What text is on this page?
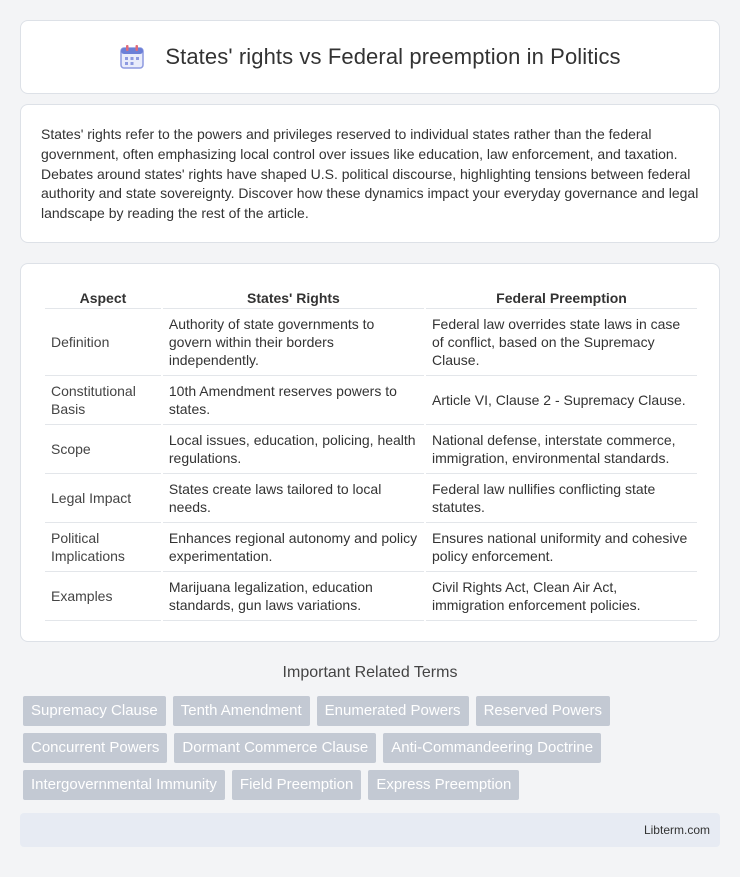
States' rights vs Federal preemption in Politics

States' rights refer to the powers and privileges reserved to individual states rather than the federal government, often emphasizing local control over issues like education, law enforcement, and taxation. Debates around states' rights have shaped U.S. political discourse, highlighting tensions between federal authority and state sovereignty. Discover how these dynamics impact your everyday governance and legal landscape by reading the rest of the article.

Aspect	States' Rights	Federal Preemption
Definition	Authority of state governments to govern within their borders independently.	Federal law overrides state laws in case of conflict, based on the Supremacy Clause.
Constitutional Basis	10th Amendment reserves powers to states.	Article VI, Clause 2 - Supremacy Clause.
Scope	Local issues, education, policing, health regulations.	National defense, interstate commerce, immigration, environmental standards.
Legal Impact	States create laws tailored to local needs.	Federal law nullifies conflicting state statutes.
Political Implications	Enhances regional autonomy and policy experimentation.	Ensures national uniformity and cohesive policy enforcement.
Examples	Marijuana legalization, education standards, gun laws variations.	Civil Rights Act, Clean Air Act, immigration enforcement policies.
Important Related Terms
Supremacy Clause	Tenth Amendment	Enumerated Powers	Reserved Powers
Concurrent Powers	Dormant Commerce Clause	Anti-Commandeering Doctrine
Intergovernmental Immunity	Field Preemption	Express Preemption
Libterm.com
